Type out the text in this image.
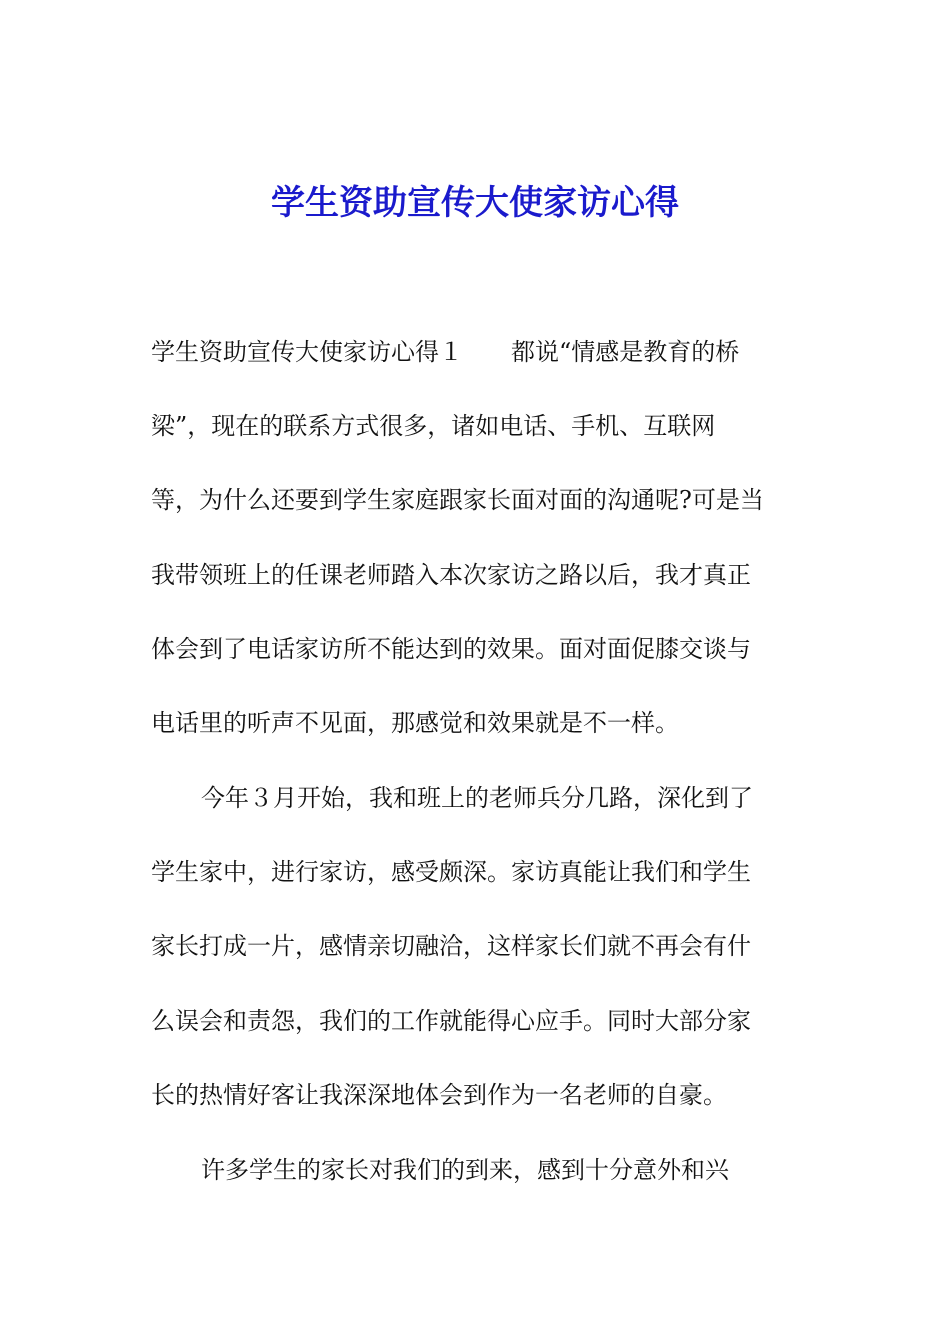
学生资助宣传大使家访心得
学生资助宣传大使家访心得１　　都说“情感是教育的桥
梁”，现在的联系方式很多，诸如电话、手机、互联网
等，为什么还要到学生家庭跟家长面对面的沟通呢?可是当
我带领班上的任课老师踏入本次家访之路以后，我才真正
体会到了电话家访所不能达到的效果。面对面促膝交谈与
电话里的听声不见面，那感觉和效果就是不一样。
今年３月开始，我和班上的老师兵分几路，深化到了
学生家中，进行家访，感受颇深。家访真能让我们和学生
家长打成一片，感情亲切融洽，这样家长们就不再会有什
么误会和责怨，我们的工作就能得心应手。同时大部分家
长的热情好客让我深深地体会到作为一名老师的自豪。
许多学生的家长对我们的到来，感到十分意外和兴
